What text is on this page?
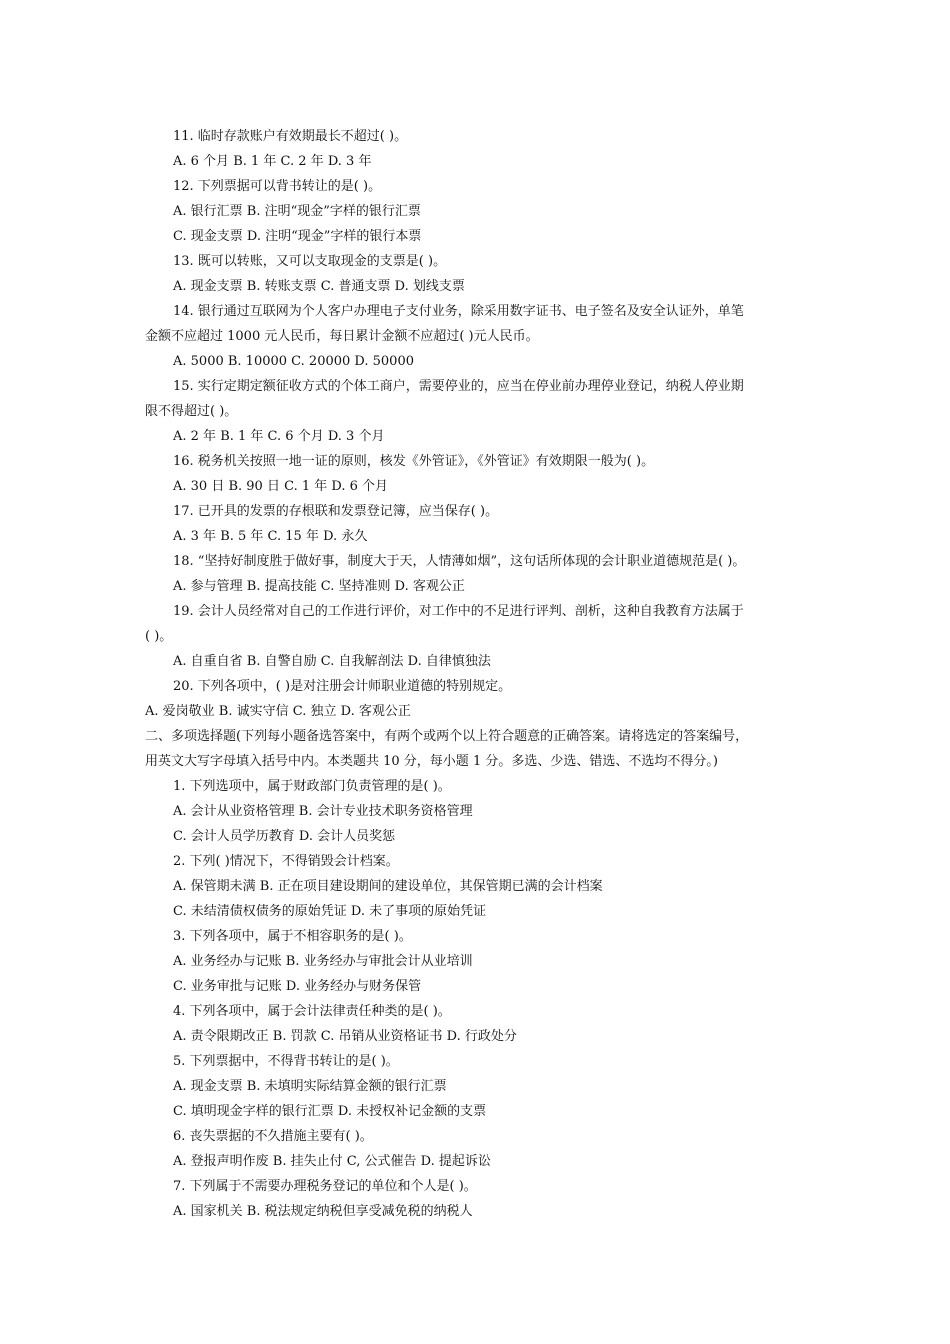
11. 临时存款账户有效期最长不超过( )。
A. 6 个月 B. 1 年 C. 2 年 D. 3 年
12. 下列票据可以背书转让的是( )。
A. 银行汇票 B. 注明“现金”字样的银行汇票
C. 现金支票 D. 注明“现金”字样的银行本票
13. 既可以转账，又可以支取现金的支票是( )。
A. 现金支票 B. 转账支票 C. 普通支票 D. 划线支票
14. 银行通过互联网为个人客户办理电子支付业务，除采用数字证书、电子签名及安全认证外，单笔
金额不应超过 1000 元人民币，每日累计金额不应超过( )元人民币。
A. 5000 B. 10000 C. 20000 D. 50000
15. 实行定期定额征收方式的个体工商户，需要停业的，应当在停业前办理停业登记，纳税人停业期
限不得超过( )。
A. 2 年 B. 1 年 C. 6 个月 D. 3 个月
16. 税务机关按照一地一证的原则，核发《外管证》，《外管证》有效期限一般为( )。
A. 30 日 B. 90 日 C. 1 年 D. 6 个月
17. 已开具的发票的存根联和发票登记簿，应当保存( )。
A. 3 年 B. 5 年 C. 15 年 D. 永久
18. “坚持好制度胜于做好事，制度大于天，人情薄如烟”，这句话所体现的会计职业道德规范是( )。
A. 参与管理 B. 提高技能 C. 坚持准则 D. 客观公正
19. 会计人员经常对自己的工作进行评价，对工作中的不足进行评判、剖析，这种自我教育方法属于
( )。
A. 自重自省 B. 自警自励 C. 自我解剖法 D. 自律慎独法
20. 下列各项中，( )是对注册会计师职业道德的特别规定。
A. 爱岗敬业 B. 诚实守信 C. 独立 D. 客观公正
二、多项选择题(下列每小题备选答案中，有两个或两个以上符合题意的正确答案。请将选定的答案编号，
用英文大写字母填入括号中内。本类题共 10 分，每小题 1 分。多选、少选、错选、不选均不得分。)
1. 下列选项中，属于财政部门负责管理的是( )。
A. 会计从业资格管理 B. 会计专业技术职务资格管理
C. 会计人员学历教育 D. 会计人员奖惩
2. 下列( )情况下，不得销毁会计档案。
A. 保管期未满 B. 正在项目建设期间的建设单位，其保管期已满的会计档案
C. 未结清债权债务的原始凭证 D. 未了事项的原始凭证
3. 下列各项中，属于不相容职务的是( )。
A. 业务经办与记账 B. 业务经办与审批会计从业培训
C. 业务审批与记账 D. 业务经办与财务保管
4. 下列各项中，属于会计法律责任种类的是( )。
A. 责令限期改正 B. 罚款 C. 吊销从业资格证书 D. 行政处分
5. 下列票据中，不得背书转让的是( )。
A. 现金支票 B. 未填明实际结算金额的银行汇票
C. 填明现金字样的银行汇票 D. 未授权补记金额的支票
6. 丧失票据的不久措施主要有( )。
A. 登报声明作废 B. 挂失止付 C, 公式催告 D. 提起诉讼
7. 下列属于不需要办理税务登记的单位和个人是( )。
A. 国家机关 B. 税法规定纳税但享受减免税的纳税人
